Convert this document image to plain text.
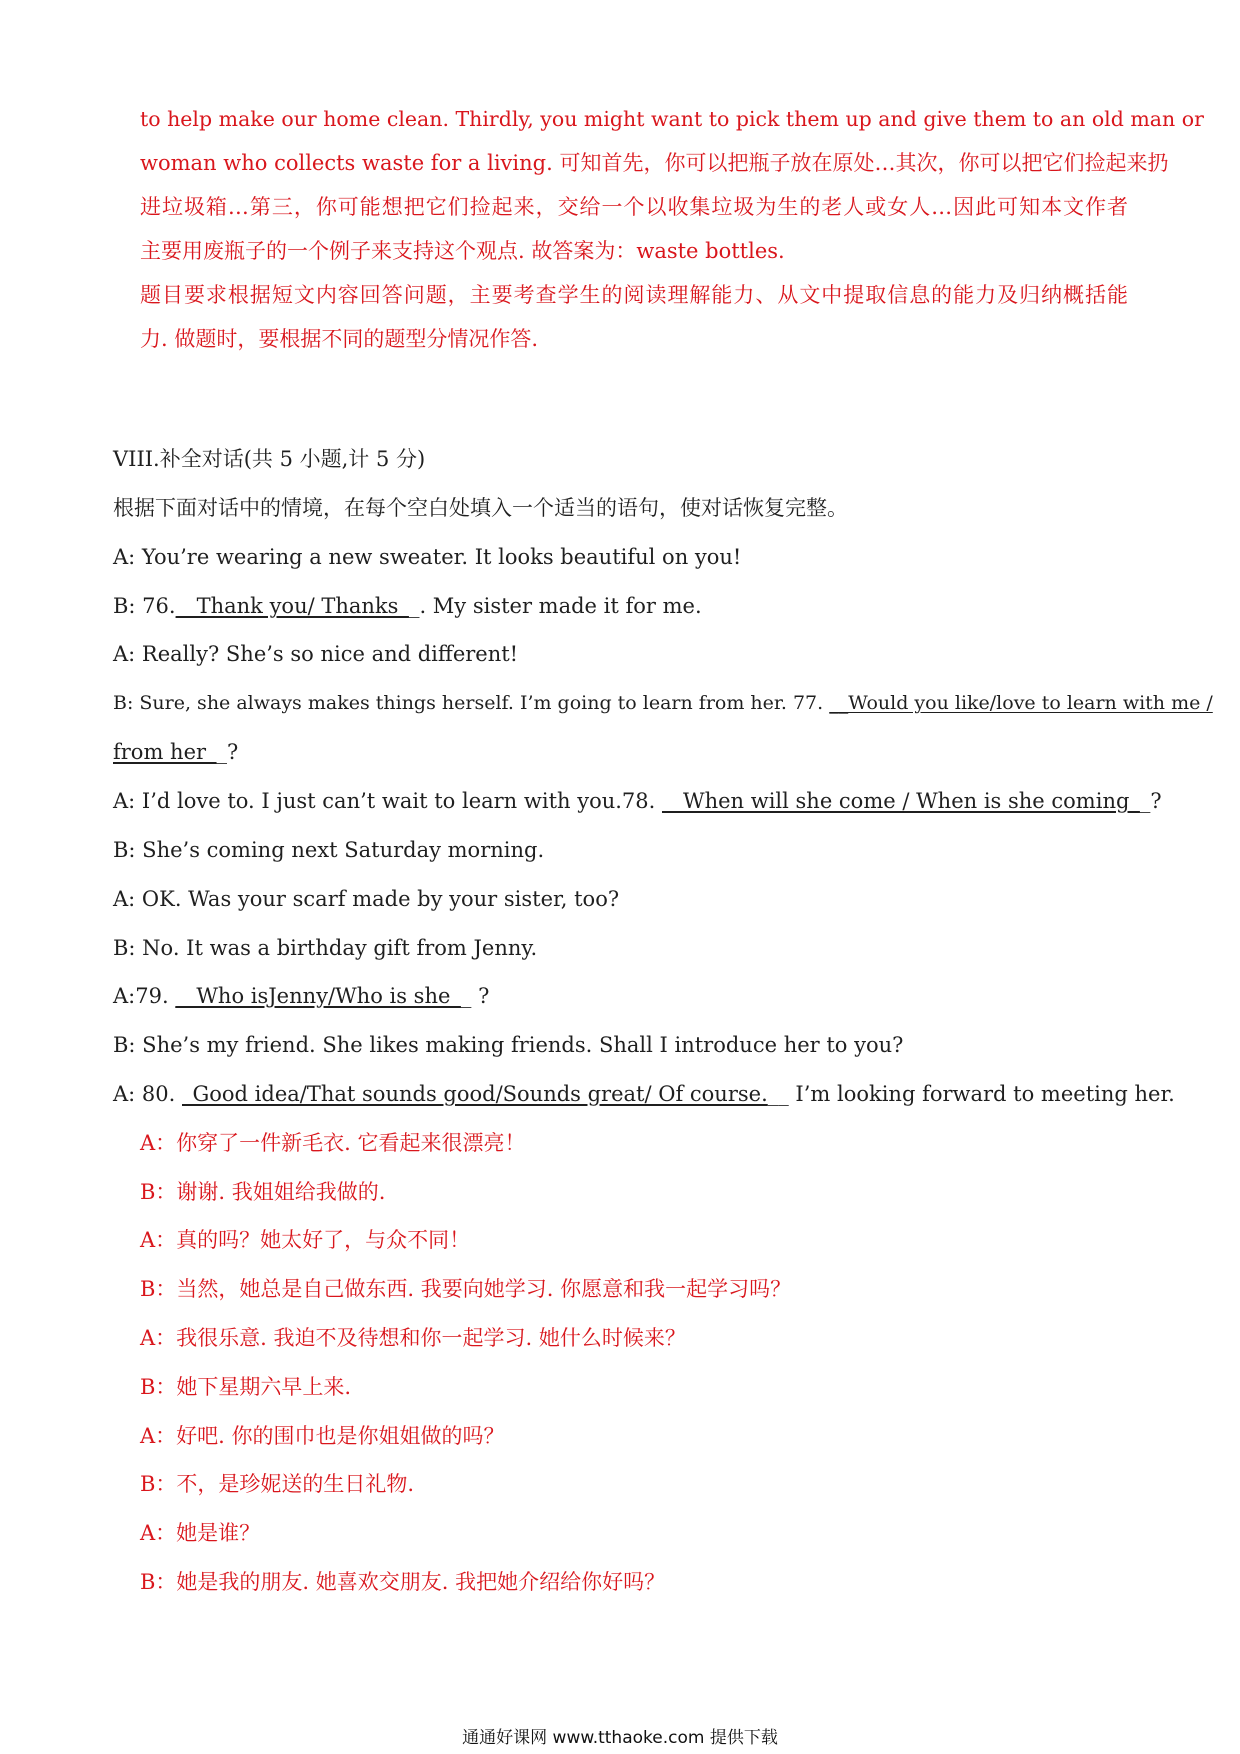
to help make our home clean. Thirdly, you might want to pick them up and give them to an old man or
woman who collects waste for a living. 可知首先，你可以把瓶子放在原处…其次，你可以把它们捡起来扔
进垃圾箱…第三，你可能想把它们捡起来，交给一个以收集垃圾为生的老人或女人…因此可知本文作者
主要用废瓶子的一个例子来支持这个观点. 故答案为：waste bottles.
题目要求根据短文内容回答问题，主要考查学生的阅读理解能力、从文中提取信息的能力及归纳概括能
力. 做题时，要根据不同的题型分情况作答.
VIII.补全对话(共 5 小题,计 5 分)
根据下面对话中的情境，在每个空白处填入一个适当的语句，使对话恢复完整。
A: You’re wearing a new sweater. It looks beautiful on you!
B: 76.__Thank you/ Thanks__. My sister made it for me.
A: Really? She’s so nice and different!
B: Sure, she always makes things herself. I’m going to learn from her. 77. __Would you like/love to learn with me /
from her__?
A: I’d love to. I just can’t wait to learn with you.78. __When will she come / When is she coming__?
B: She’s coming next Saturday morning.
A: OK. Was your scarf made by your sister, too?
B: No. It was a birthday gift from Jenny.
A:79. __Who isJenny/Who is she__ ?
B: She’s my friend. She likes making friends. Shall I introduce her to you?
A: 80. _Good idea/That sounds good/Sounds great/ Of course.__ I’m looking forward to meeting her.
A：你穿了一件新毛衣. 它看起来很漂亮！
B：谢谢. 我姐姐给我做的.
A：真的吗？她太好了，与众不同！
B：当然，她总是自己做东西. 我要向她学习. 你愿意和我一起学习吗？
A：我很乐意. 我迫不及待想和你一起学习. 她什么时候来？
B：她下星期六早上来.
A：好吧. 你的围巾也是你姐姐做的吗？
B：不，是珍妮送的生日礼物.
A：她是谁？
B：她是我的朋友. 她喜欢交朋友. 我把她介绍给你好吗？
通通好课网 www.tthaoke.com 提供下载
